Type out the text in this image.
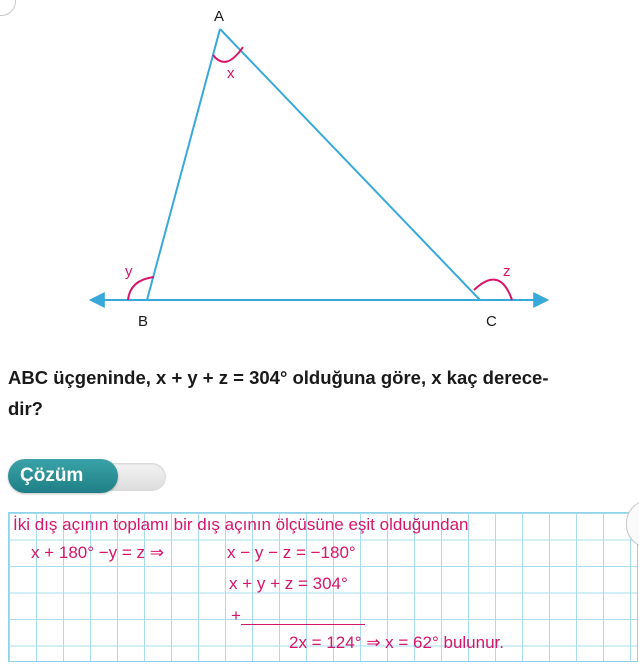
A
B	C
x
y	z
ABC üçgeninde, x + y + z = 304° olduğuna göre, x kaç derece-
dir?
Çözüm
İki dış açının toplamı bir dış açının ölçüsüne eşit olduğundan
x + 180° −y = z ⇒	x − y − z = −180°
x + y + z = 304°
+
2x = 124° ⇒ x = 62° bulunur.
